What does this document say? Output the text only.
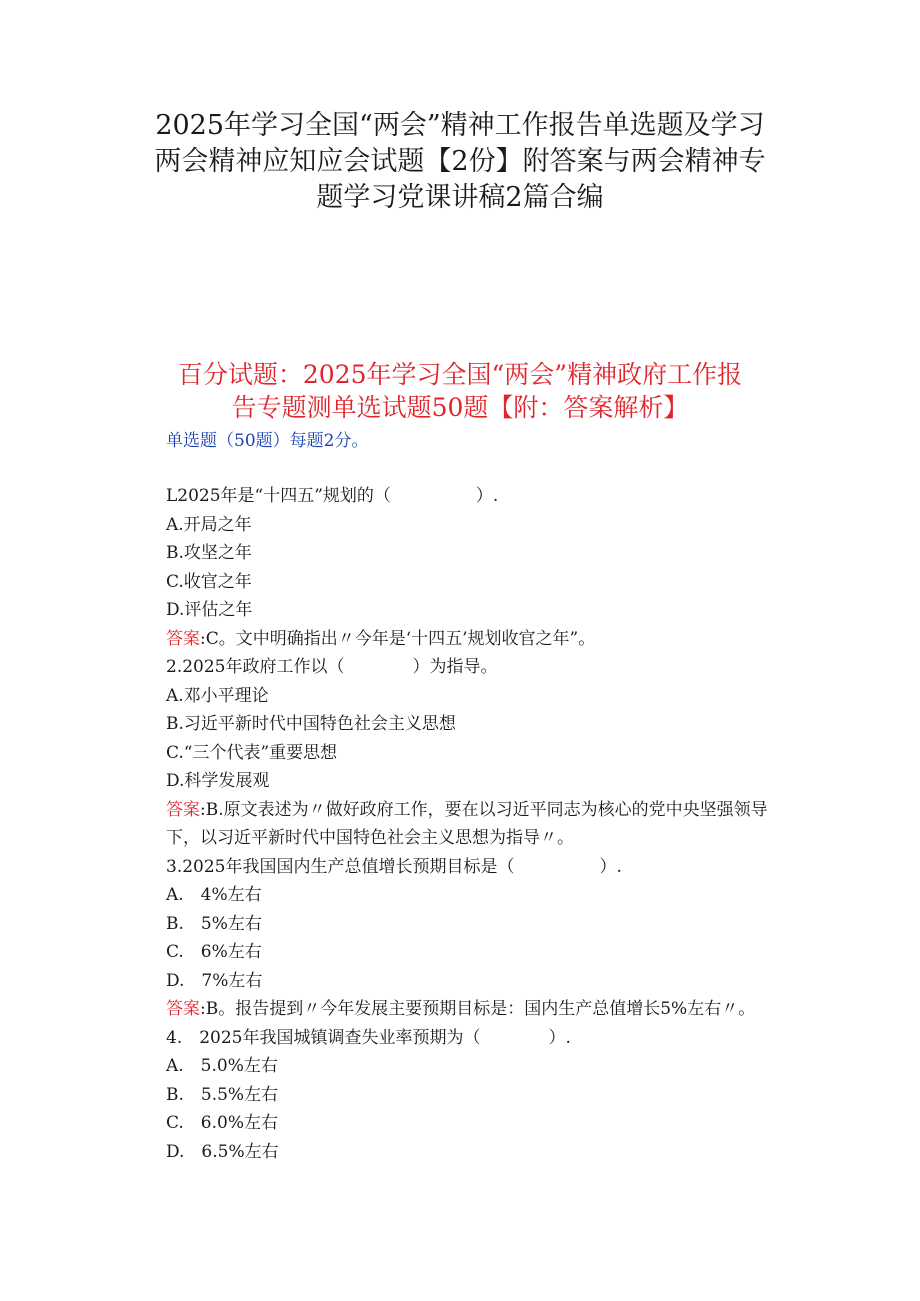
2025年学习全国“两会”精神工作报告单选题及学习
两会精神应知应会试题【2份】附答案与两会精神专
题学习党课讲稿2篇合编
百分试题：2025年学习全国“两会”精神政府工作报
告专题测单选试题50题【附：答案解析】

单选题（50题）每题2分。

L2025年是“十四五”规划的（　　　　　）.
A.开局之年
B.攻坚之年
C.收官之年
D.评估之年
答案:C。文中明确指出〃今年是‘十四五’规划收官之年”。
2.2025年政府工作以（　　　　）为指导。
A.邓小平理论
B.习近平新时代中国特色社会主义思想
C.“三个代表”重要思想
D.科学发展观
答案:B.原文表述为〃做好政府工作，要在以习近平同志为核心的党中央坚强领导下，以习近平新时代中国特色社会主义思想为指导〃。
3.2025年我国国内生产总值增长预期目标是（　　　　　）.
A.　4%左右
B.　5%左右
C.　6%左右
D.　7%左右
答案:B。报告提到〃今年发展主要预期目标是：国内生产总值增长5%左右〃。
4.　2025年我国城镇调查失业率预期为（　　　　）.
A.　5.0%左右
B.　5.5%左右
C.　6.0%左右
D.　6.5%左右
